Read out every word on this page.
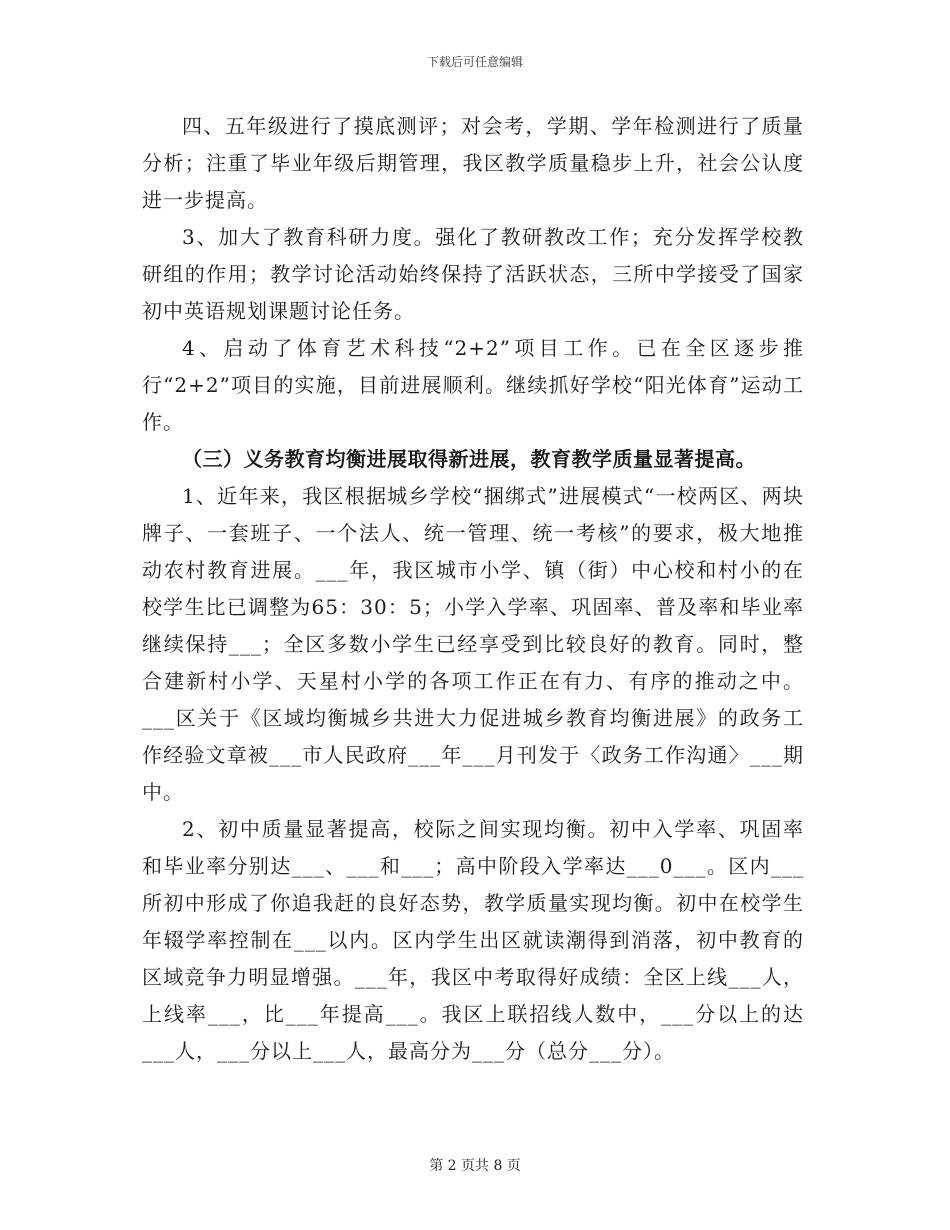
下载后可任意编辑

四、五年级进行了摸底测评；对会考，学期、学年检测进行了质量分析；注重了毕业年级后期管理，我区教学质量稳步上升，社会公认度进一步提高。

3、加大了教育科研力度。强化了教研教改工作；充分发挥学校教研组的作用；教学讨论活动始终保持了活跃状态，三所中学接受了国家初中英语规划课题讨论任务。

4、启动了体育艺术科技“2+2”项目工作。已在全区逐步推行“2+2”项目的实施，目前进展顺利。继续抓好学校“阳光体育”运动工作。

（三）义务教育均衡进展取得新进展，教育教学质量显著提高。

1、近年来，我区根据城乡学校“捆绑式”进展模式“一校两区、两块牌子、一套班子、一个法人、统一管理、统一考核”的要求，极大地推动农村教育进展。___年，我区城市小学、镇（街）中心校和村小的在校学生比已调整为65：30：5；小学入学率、巩固率、普及率和毕业率继续保持___；全区多数小学生已经享受到比较良好的教育。同时，整合建新村小学、天星村小学的各项工作正在有力、有序的推动之中。___区关于《区域均衡城乡共进大力促进城乡教育均衡进展》的政务工作经验文章被___市人民政府___年___月刊发于〈政务工作沟通〉___期中。

2、初中质量显著提高，校际之间实现均衡。初中入学率、巩固率和毕业率分别达___、___和___；高中阶段入学率达___0___。区内___所初中形成了你追我赶的良好态势，教学质量实现均衡。初中在校学生年辍学率控制在___以内。区内学生出区就读潮得到消落，初中教育的区域竞争力明显增强。___年，我区中考取得好成绩：全区上线___人，上线率___，比___年提高___。我区上联招线人数中，___分以上的达___人，___分以上___人，最高分为___分（总分___分）。

第 2 页共 8 页
